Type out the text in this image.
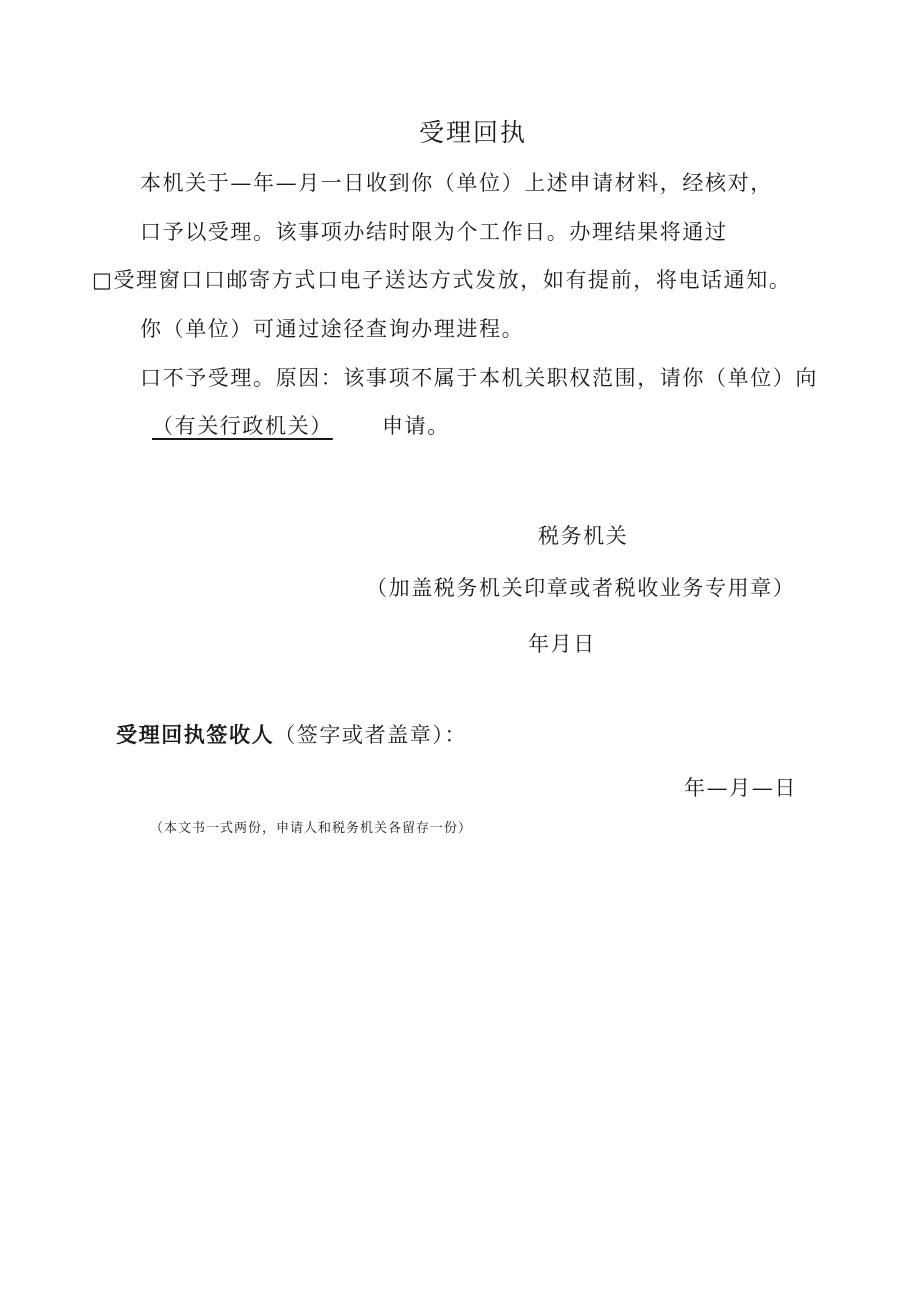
受理回执
本机关于—年—月一日收到你（单位）上述申请材料，经核对，
口予以受理。该事项办结时限为个工作日。办理结果将通过
□受理窗口口邮寄方式口电子送达方式发放，如有提前，将电话通知。
你（单位）可通过途径查询办理进程。
口不予受理。原因：该事项不属于本机关职权范围，请你（单位）向
（有关行政机关） 申请。
税务机关
（加盖税务机关印章或者税收业务专用章）
年月日
受理回执签收人（签字或者盖章）：
年—月—日
（本文书一式两份，申请人和税务机关各留存一份）
